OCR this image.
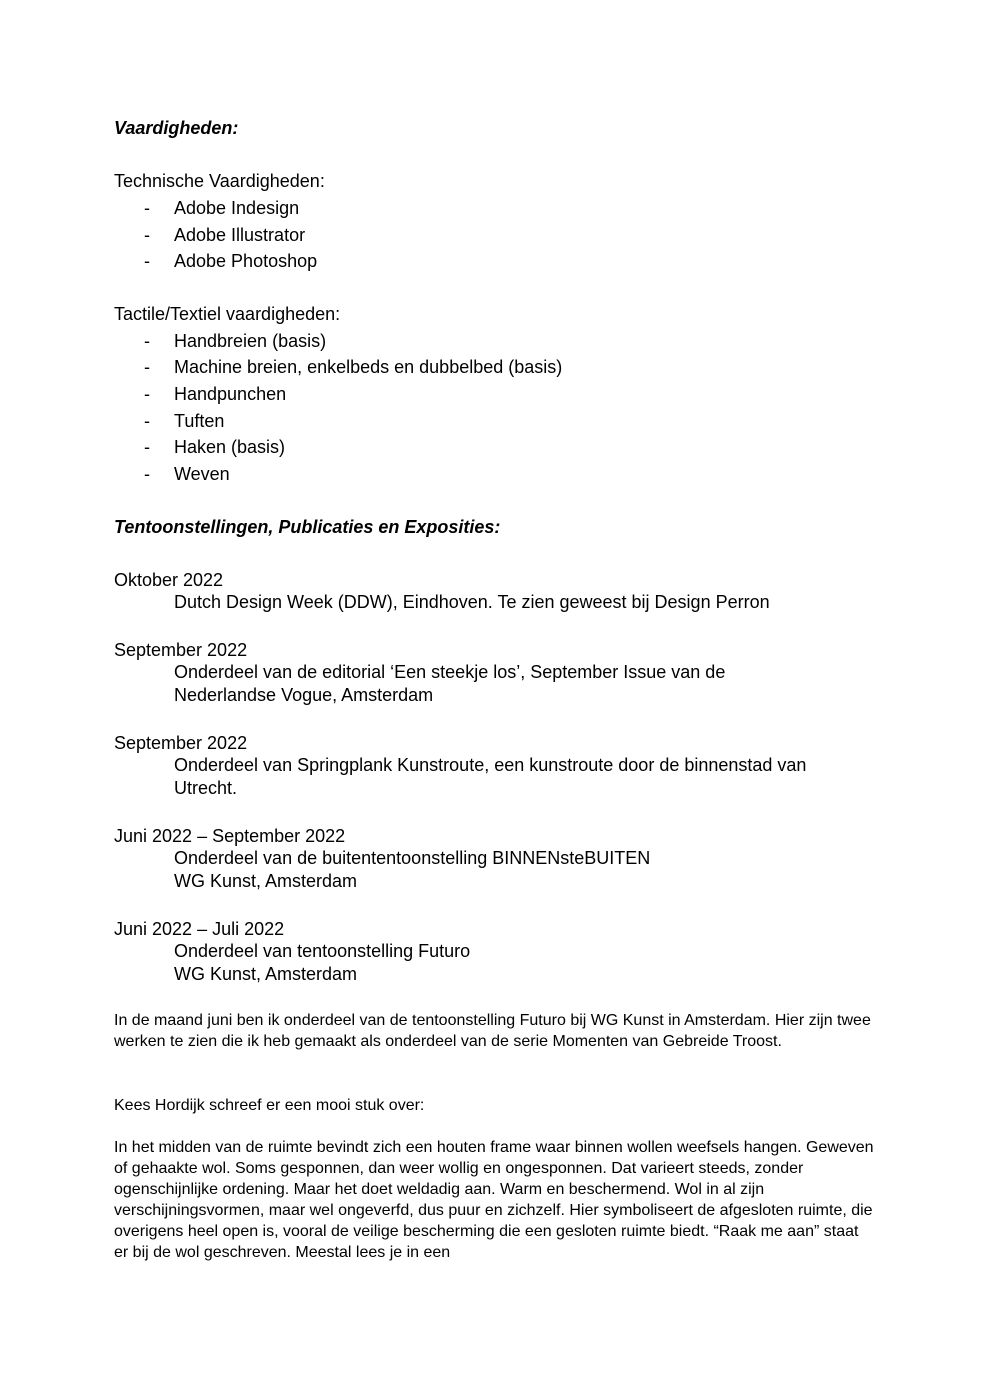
Vaardigheden:
Technische Vaardigheden:
- Adobe Indesign
- Adobe Illustrator
- Adobe Photoshop
Tactile/Textiel vaardigheden:
- Handbreien (basis)
- Machine breien, enkelbeds en dubbelbed (basis)
- Handpunchen
- Tuften
- Haken (basis)
- Weven
Tentoonstellingen, Publicaties en Exposities:
Oktober 2022
Dutch Design Week (DDW), Eindhoven. Te zien geweest bij Design Perron
September 2022
Onderdeel van de editorial ‘Een steekje los’, September Issue van de
Nederlandse Vogue, Amsterdam
September 2022
Onderdeel van Springplank Kunstroute, een kunstroute door de binnenstad van
Utrecht.
Juni 2022 – September 2022
Onderdeel van de buitententoonstelling BINNENsteBUITEN
WG Kunst, Amsterdam
Juni 2022 – Juli 2022
Onderdeel van tentoonstelling Futuro
WG Kunst, Amsterdam
In de maand juni ben ik onderdeel van de tentoonstelling Futuro bij WG Kunst in Amsterdam. Hier zijn twee werken te zien die ik heb gemaakt als onderdeel van de serie Momenten van Gebreide Troost.
Kees Hordijk schreef er een mooi stuk over:
In het midden van de ruimte bevindt zich een houten frame waar binnen wollen weefsels hangen. Geweven of gehaakte wol. Soms gesponnen, dan weer wollig en ongesponnen. Dat varieert steeds, zonder ogenschijnlijke ordening. Maar het doet weldadig aan. Warm en beschermend. Wol in al zijn verschijningsvormen, maar wel ongeverfd, dus puur en zichzelf. Hier symboliseert de afgesloten ruimte, die overigens heel open is, vooral de veilige bescherming die een gesloten ruimte biedt. “Raak me aan” staat er bij de wol geschreven. Meestal lees je in een
